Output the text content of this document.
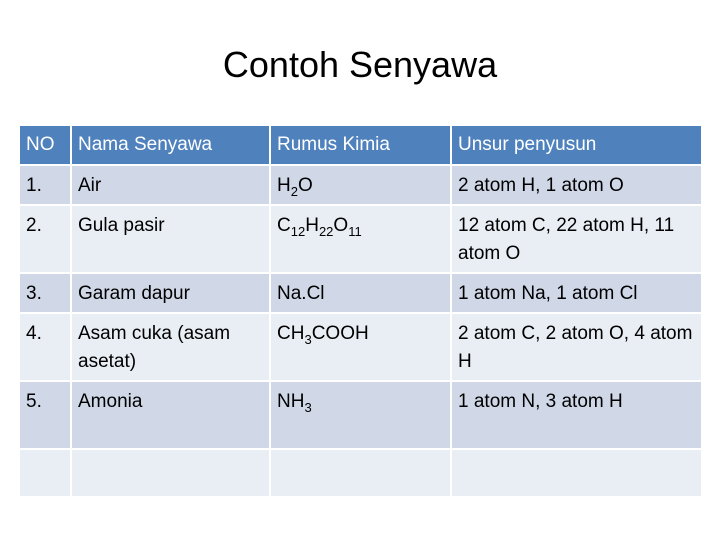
Contoh Senyawa
NO	Nama Senyawa	Rumus Kimia	Unsur penyusun
1.	Air	$H_2O$	2 atom H, 1 atom O
2.	Gula pasir	$C_{12}H_{22}O_{11}$	12 atom C, 22 atom H, 11 atom O
3.	Garam dapur	Na.Cl	1 atom Na, 1 atom Cl
4.	Asam cuka (asam asetat)	$CH_3COOH$	2 atom C, 2 atom O, 4 atom H
5.	Amonia	$NH_3$	1 atom N, 3 atom H
